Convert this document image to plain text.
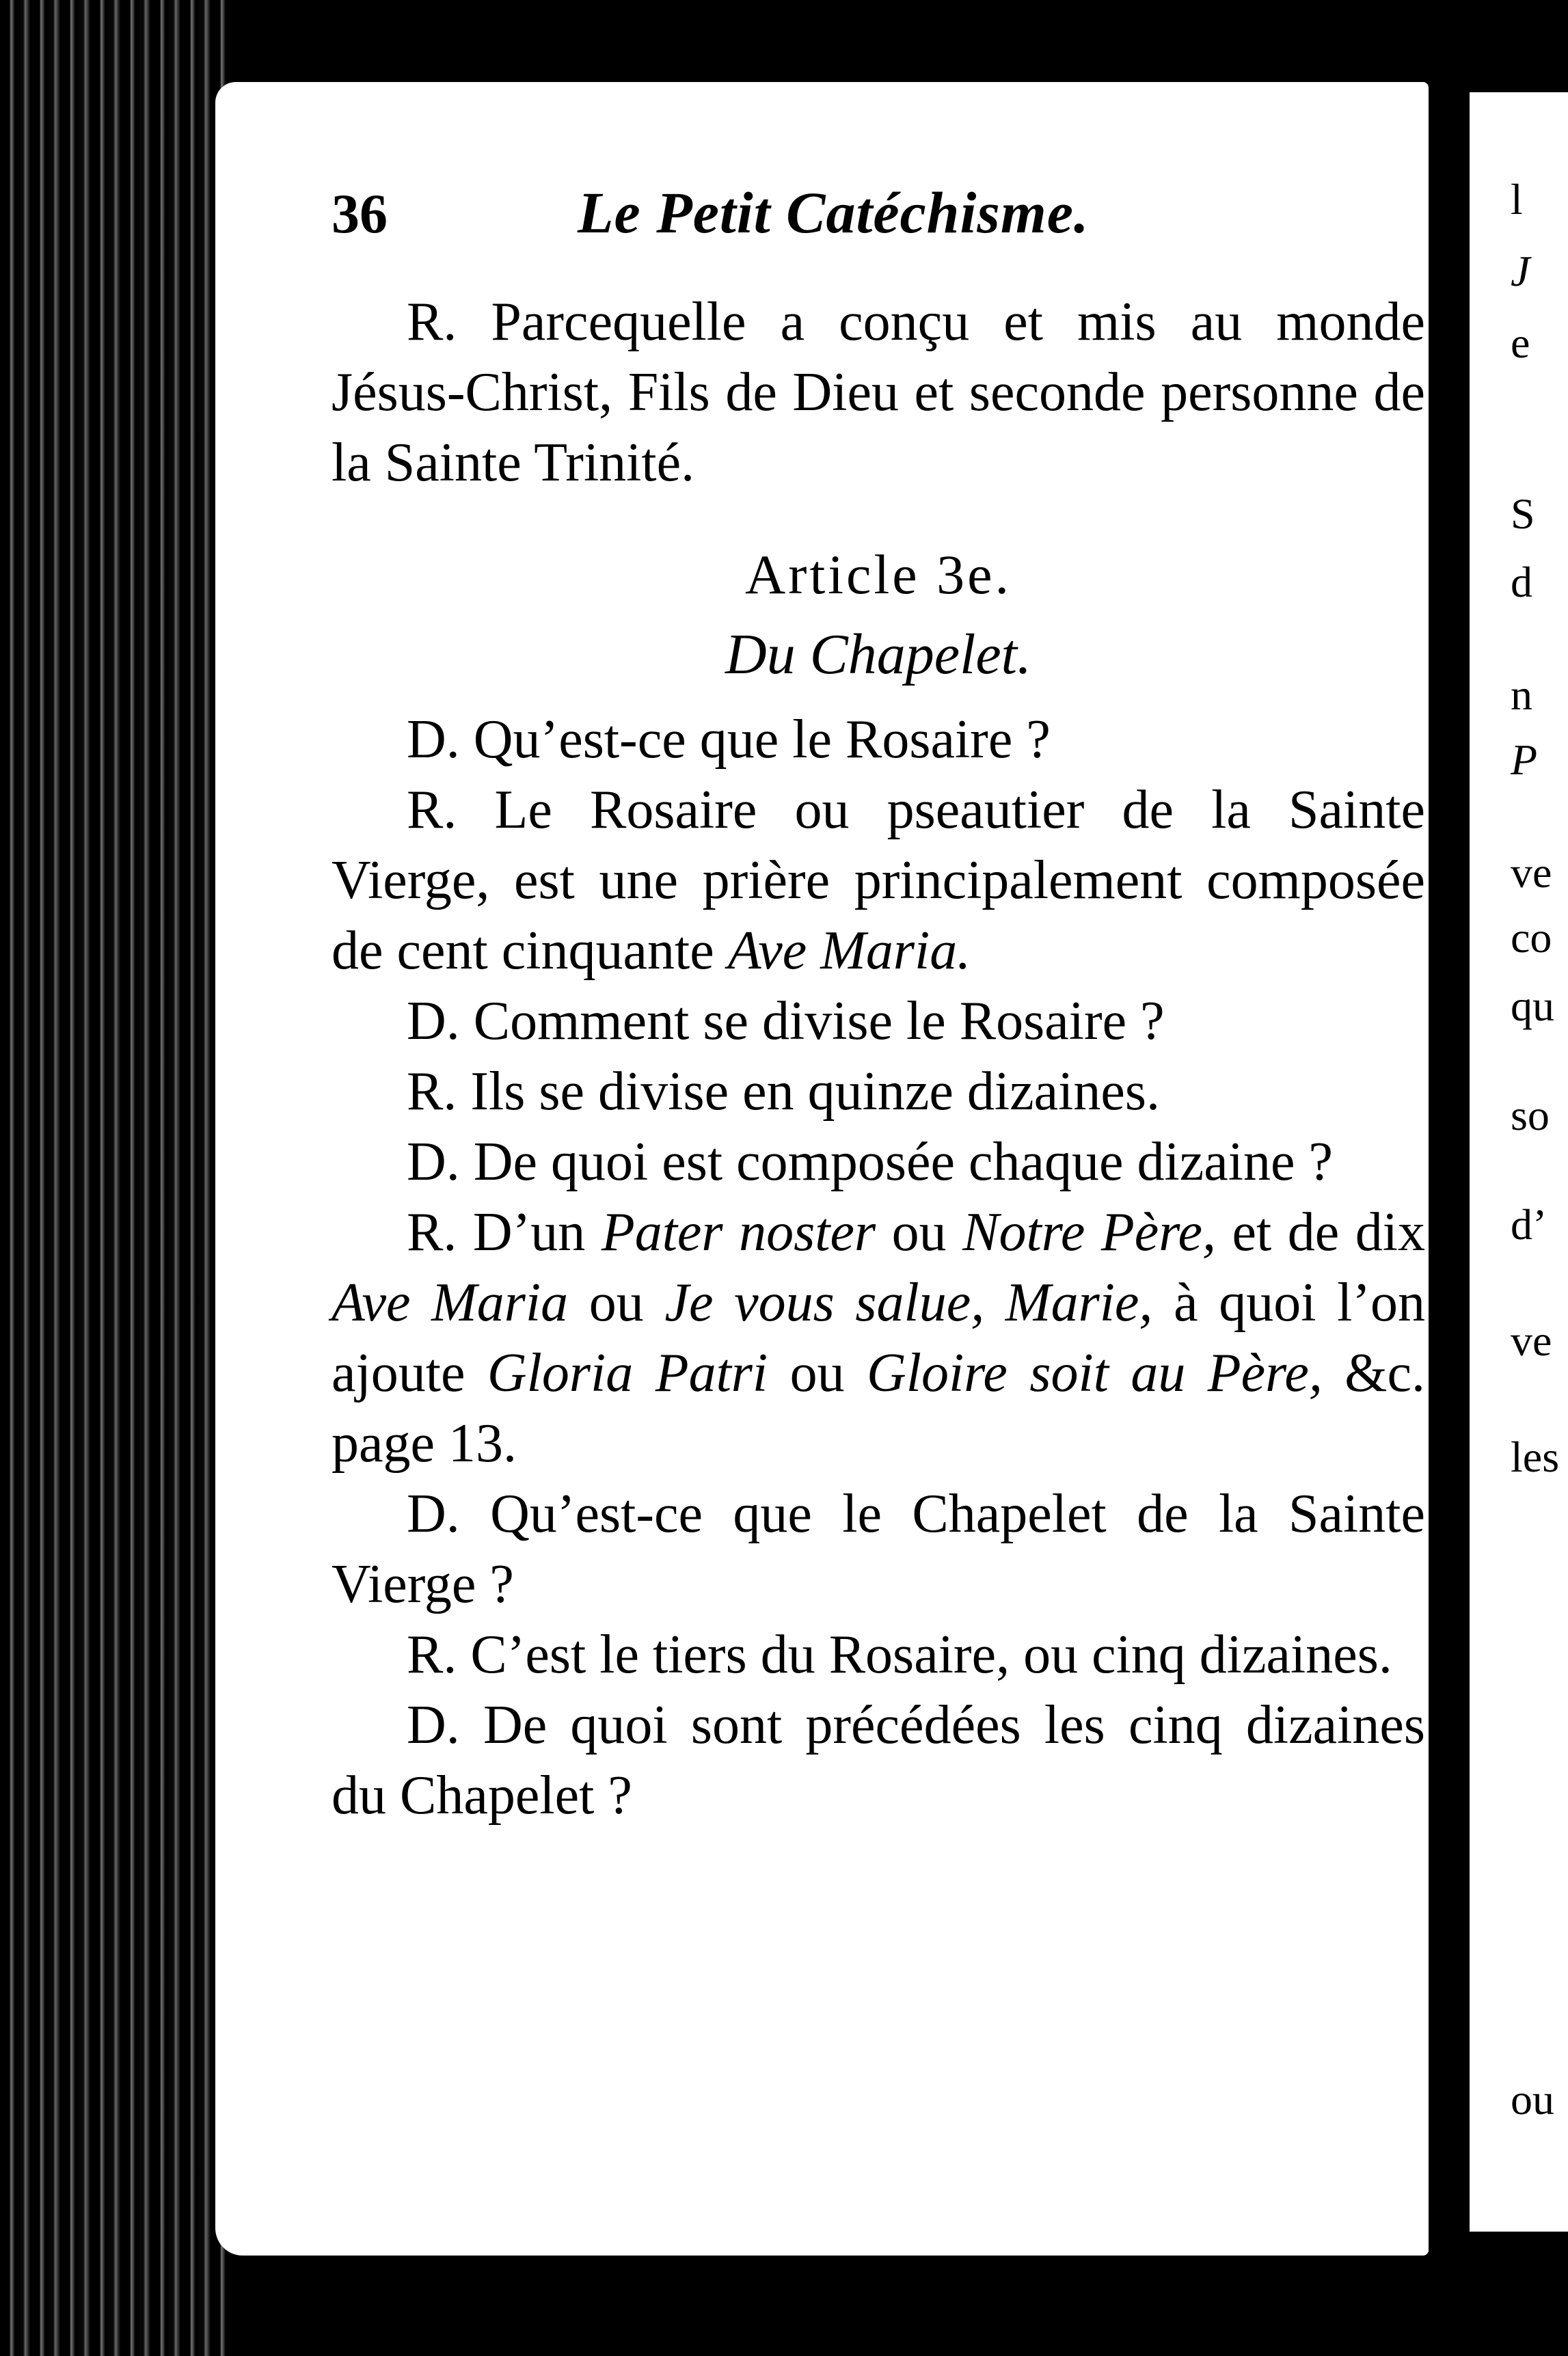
l
J
e
S
d
n
P
ve
co
qu
so
d’
ve
les
ou
36	Le Petit Catéchisme.

R. Parcequelle a conçu et mis au monde Jésus-Christ, Fils de Dieu et seconde personne de la Sainte Trinité.

Article 3e.

Du Chapelet.

D. Qu’est-ce que le Rosaire ?

R. Le Rosaire ou pseautier de la Sainte Vierge, est une prière principalement composée de cent cinquante Ave Maria.

D. Comment se divise le Rosaire ?

R. Ils se divise en quinze dizaines.

D. De quoi est composée chaque dizaine ?

R. D’un Pater noster ou Notre Père, et de dix Ave Maria ou Je vous salue, Marie, à quoi l’on ajoute Gloria Patri ou Gloire soit au Père, &c. page 13.

D. Qu’est-ce que le Chapelet de la Sainte Vierge ?

R. C’est le tiers du Rosaire, ou cinq dizaines.

D. De quoi sont précédées les cinq dizaines du Chapelet ?
